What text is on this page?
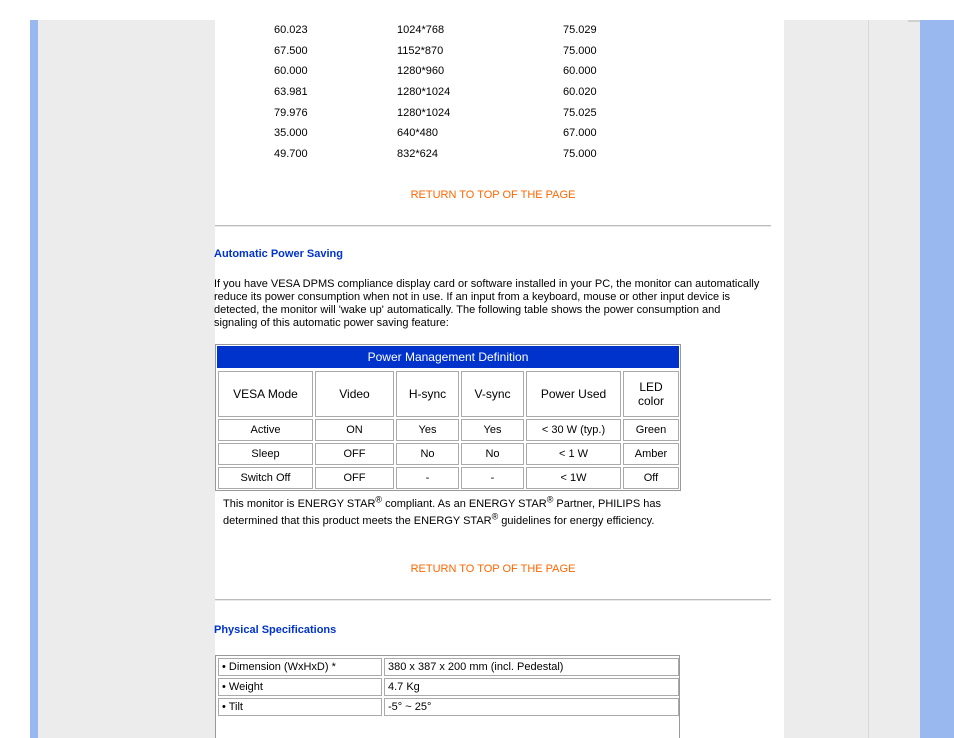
60.023	1024*768	75.029
67.500	1152*870	75.000
60.000	1280*960	60.000
63.981	1280*1024	60.020
79.976	1280*1024	75.025
35.000	640*480	67.000
49.700	832*624	75.000
RETURN TO TOP OF THE PAGE
Automatic Power Saving
If you have VESA DPMS compliance display card or software installed in your PC, the monitor can automatically reduce its power consumption when not in use. If an input from a keyboard, mouse or other input device is detected, the monitor will 'wake up' automatically. The following table shows the power consumption and signaling of this automatic power saving feature:
Power Management Definition
VESA Mode	Video	H-sync	V-sync	Power Used	LED color
Active	ON	Yes	Yes	< 30 W (typ.)	Green
Sleep	OFF	No	No	< 1 W	Amber
Switch Off	OFF	-	-	< 1W	Off
This monitor is ENERGY STAR® compliant. As an ENERGY STAR® Partner, PHILIPS has determined that this product meets the ENERGY STAR® guidelines for energy efficiency.
RETURN TO TOP OF THE PAGE
Physical Specifications
• Dimension (WxHxD) *	380 x 387 x 200 mm (incl. Pedestal)
• Weight	4.7 Kg
• Tilt	-5° ~ 25°
